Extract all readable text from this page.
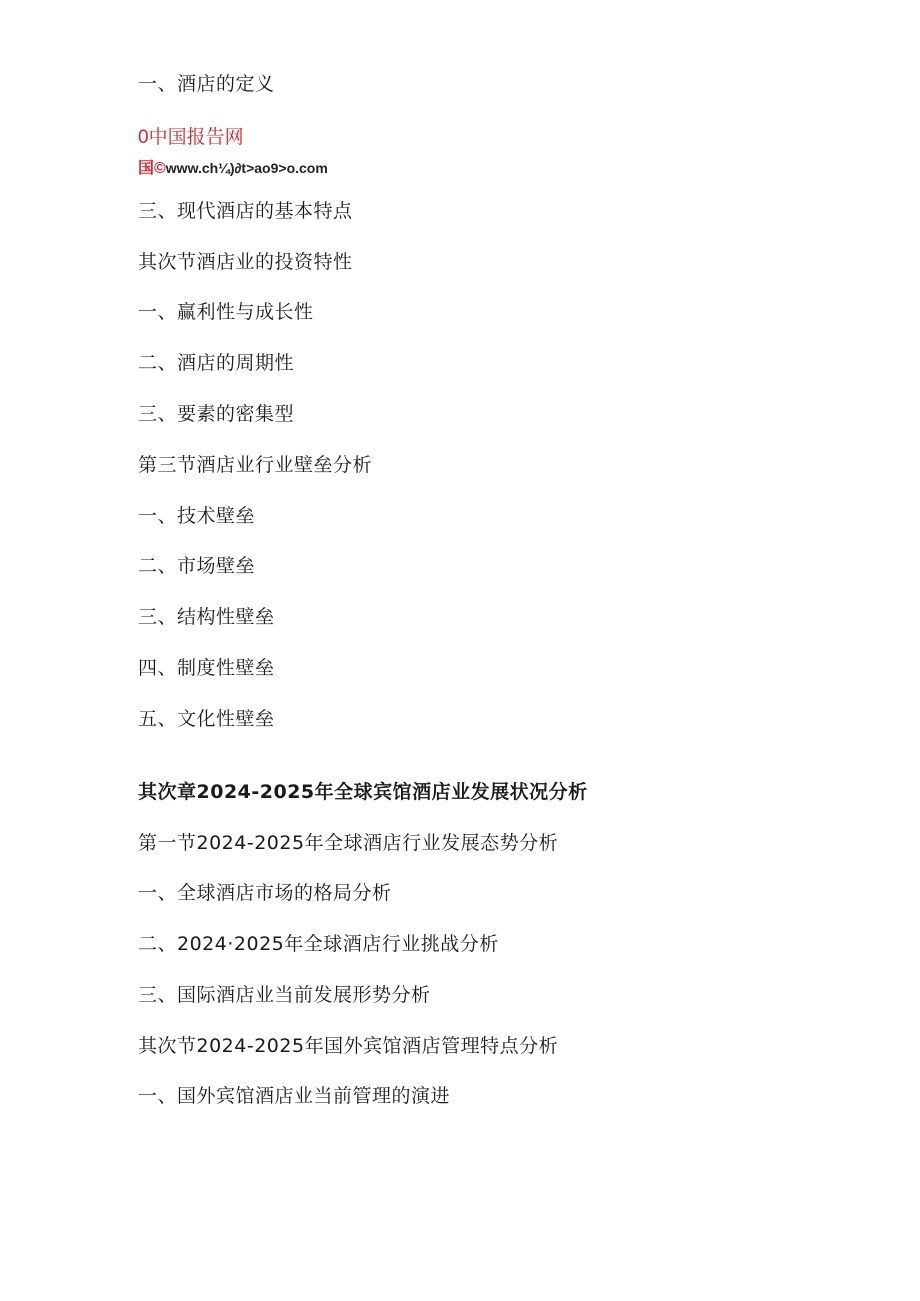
一、酒店的定义
0中国报告网
国©www.ch¼)∂t>ao9>o.com
三、现代酒店的基本特点
其次节酒店业的投资特性
一、赢利性与成长性
二、酒店的周期性
三、要素的密集型
第三节酒店业行业壁垒分析
一、技术壁垒
二、市场壁垒
三、结构性壁垒
四、制度性壁垒
五、文化性壁垒
其次章2024-2025年全球宾馆酒店业发展状况分析
第一节2024-2025年全球酒店行业发展态势分析
一、全球酒店市场的格局分析
二、2024·2025年全球酒店行业挑战分析
三、国际酒店业当前发展形势分析
其次节2024-2025年国外宾馆酒店管理特点分析
一、国外宾馆酒店业当前管理的演进
